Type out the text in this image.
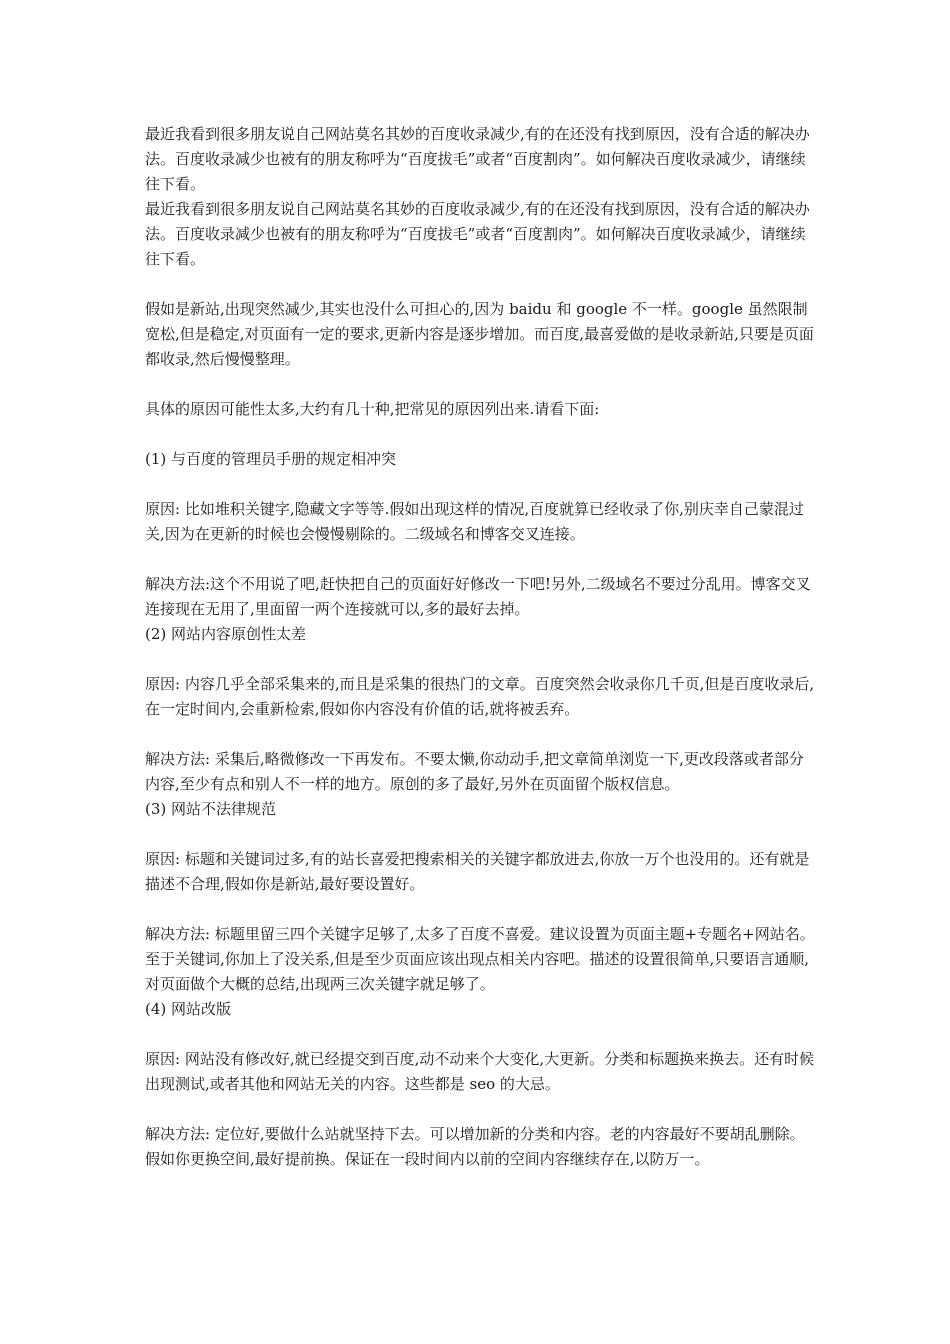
最近我看到很多朋友说自己网站莫名其妙的百度收录减少,有的在还没有找到原因，没有合适的解决办法。百度收录减少也被有的朋友称呼为“百度拔毛”或者“百度割肉”。如何解决百度收录减少，请继续往下看。

最近我看到很多朋友说自己网站莫名其妙的百度收录减少,有的在还没有找到原因，没有合适的解决办法。百度收录减少也被有的朋友称呼为“百度拔毛”或者“百度割肉”。如何解决百度收录减少，请继续往下看。

假如是新站,出现突然减少,其实也没什么可担心的,因为 baidu 和 google 不一样。google 虽然限制宽松,但是稳定,对页面有一定的要求,更新内容是逐步增加。而百度,最喜爱做的是收录新站,只要是页面都收录,然后慢慢整理。

具体的原因可能性太多,大约有几十种,把常见的原因列出来.请看下面:

(1) 与百度的管理员手册的规定相冲突

原因: 比如堆积关键字,隐藏文字等等.假如出现这样的情况,百度就算已经收录了你,别庆幸自己蒙混过关,因为在更新的时候也会慢慢剔除的。二级域名和博客交叉连接。

解决方法:这个不用说了吧,赶快把自己的页面好好修改一下吧!另外,二级域名不要过分乱用。博客交叉连接现在无用了,里面留一两个连接就可以,多的最好去掉。

(2) 网站内容原创性太差

原因: 内容几乎全部采集来的,而且是采集的很热门的文章。百度突然会收录你几千页,但是百度收录后,在一定时间内,会重新检索,假如你内容没有价值的话,就将被丢弃。

解决方法: 采集后,略微修改一下再发布。不要太懒,你动动手,把文章简单浏览一下,更改段落或者部分内容,至少有点和别人不一样的地方。原创的多了最好,另外在页面留个版权信息。

(3) 网站不法律规范

原因: 标题和关键词过多,有的站长喜爱把搜索相关的关键字都放进去,你放一万个也没用的。还有就是描述不合理,假如你是新站,最好要设置好。

解决方法: 标题里留三四个关键字足够了,太多了百度不喜爱。建议设置为页面主题+专题名+网站名。至于关键词,你加上了没关系,但是至少页面应该出现点相关内容吧。描述的设置很简单,只要语言通顺,对页面做个大概的总结,出现两三次关键字就足够了。

(4) 网站改版

原因: 网站没有修改好,就已经提交到百度,动不动来个大变化,大更新。分类和标题换来换去。还有时候出现测试,或者其他和网站无关的内容。这些都是 seo 的大忌。

解决方法: 定位好,要做什么站就坚持下去。可以增加新的分类和内容。老的内容最好不要胡乱删除。假如你更换空间,最好提前换。保证在一段时间内以前的空间内容继续存在,以防万一。
